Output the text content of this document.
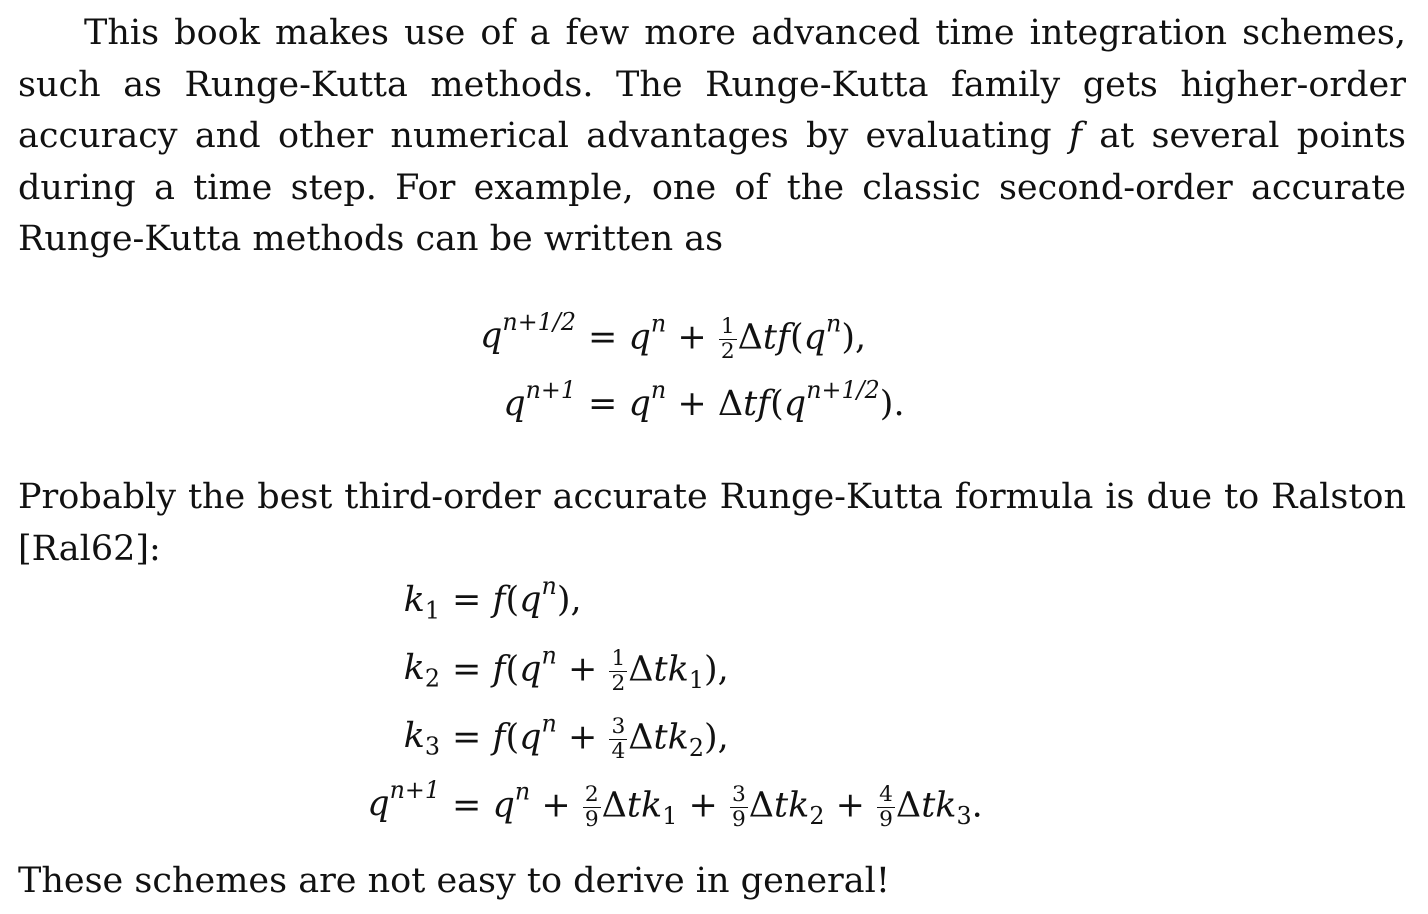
This book makes use of a few more advanced time integration schemes, such as Runge-Kutta methods. The Runge-Kutta family gets higher-order accuracy and other numerical advantages by evaluating f at several points during a time step. For example, one of the classic second-order accurate Runge-Kutta methods can be written as

$q^{n+1/2} = q^n + \frac{1}{2} \Delta tf(q^n)$,
$q^{n+1} = q^n + \Delta tf(q^{n+1/2})$.

Probably the best third-order accurate Runge-Kutta formula is due to Ralston [Ral62]:

$k_1 = f(q^n)$,
$k_2 = f(q^n + \frac{1}{2} \Delta tk_1)$,
$k_3 = f(q^n + \frac{3}{4} \Delta tk_2)$,
$q^{n+1} = q^n + \frac{2}{9} \Delta tk_1 + \frac{3}{9} \Delta tk_2 + \frac{4}{9} \Delta tk_3$.

These schemes are not easy to derive in general!
